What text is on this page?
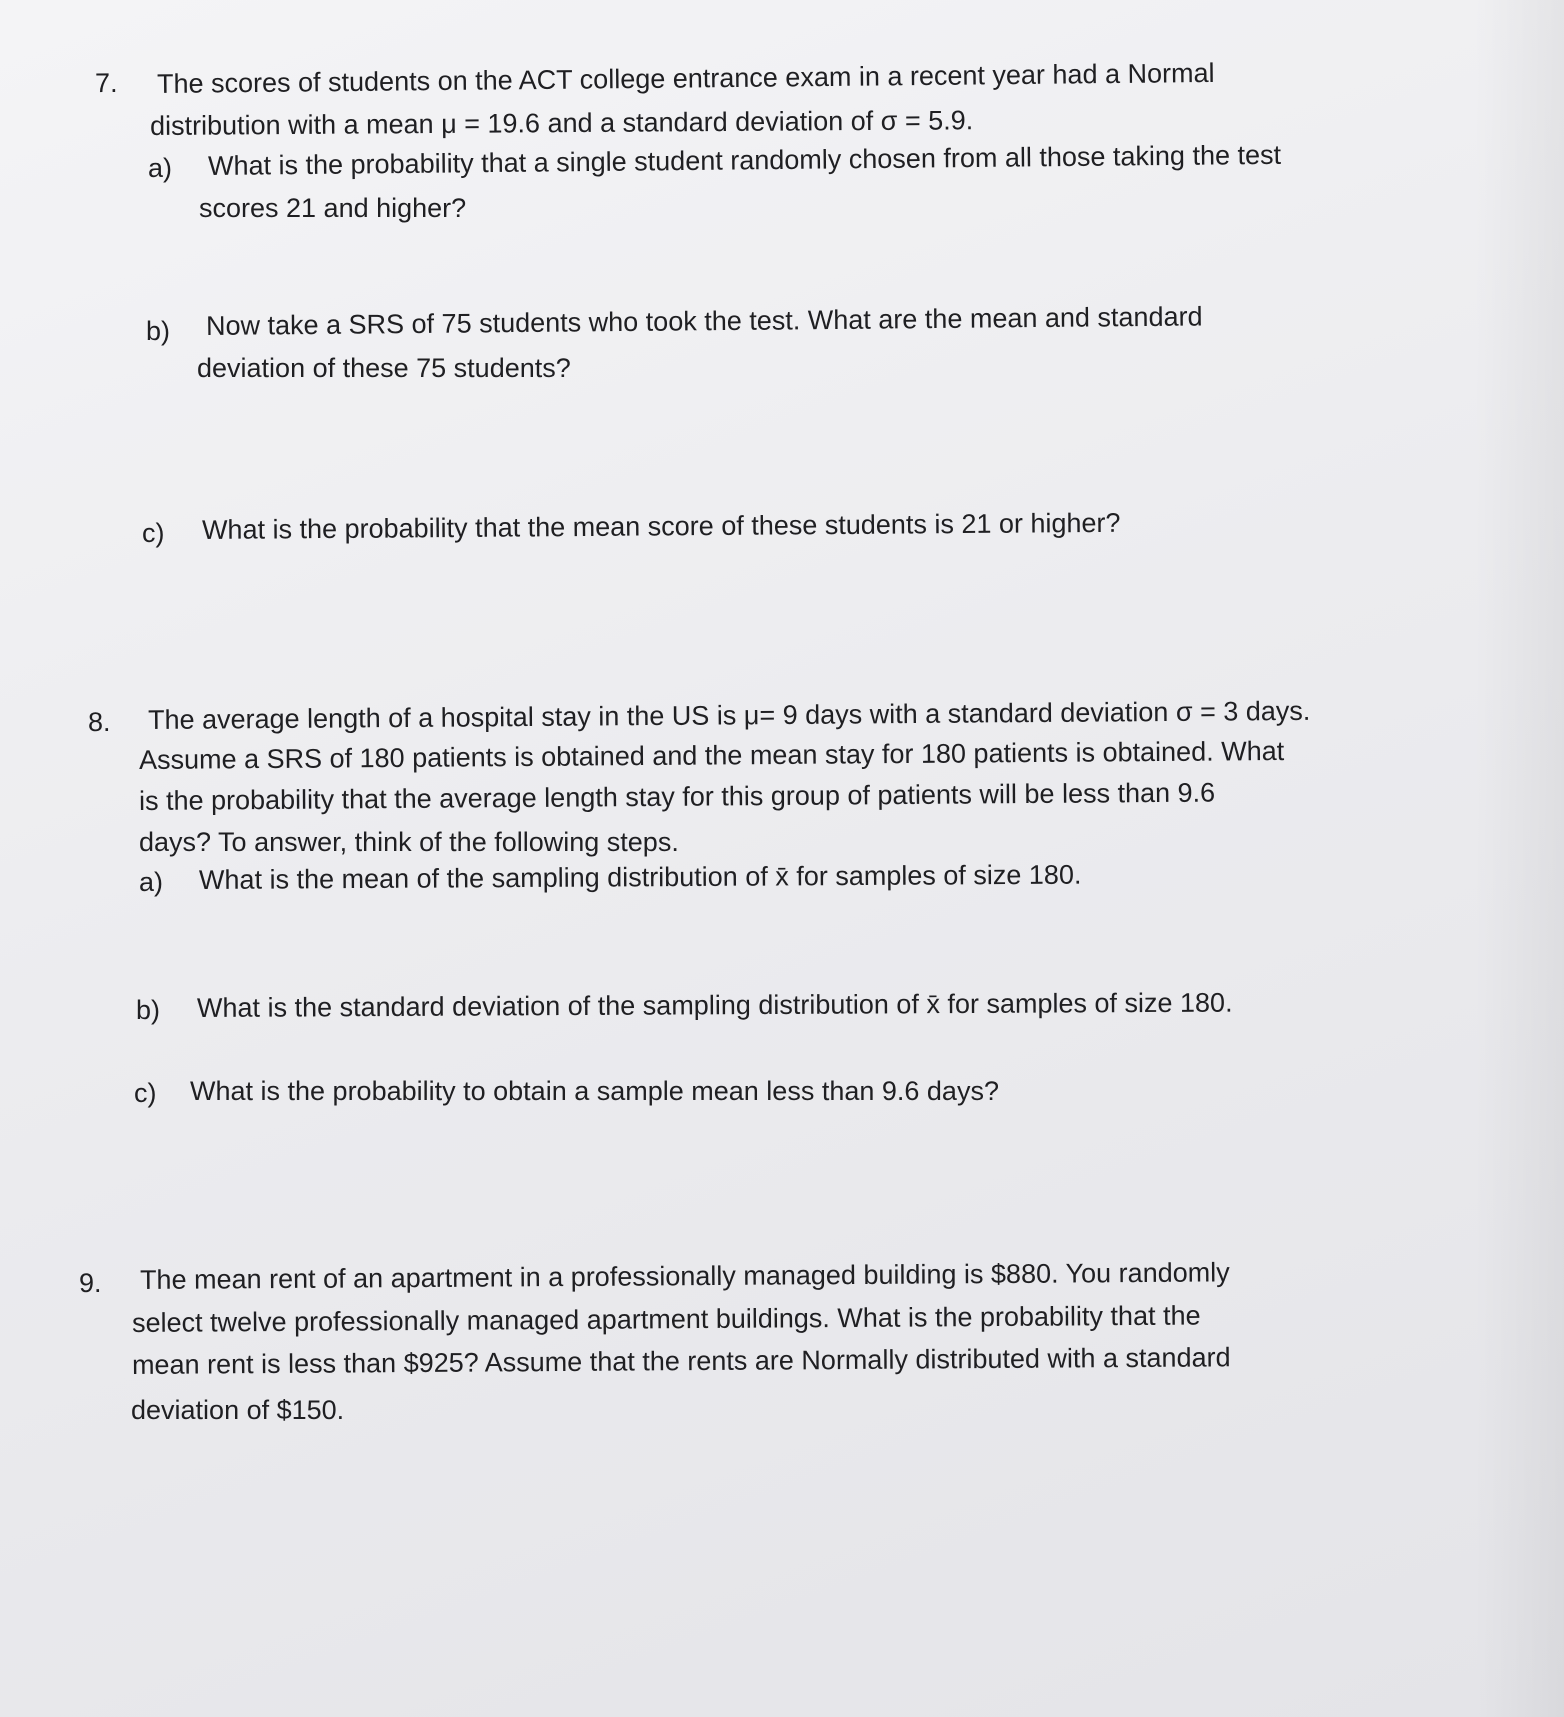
7. The scores of students on the ACT college entrance exam in a recent year had a Normal
distribution with a mean μ = 19.6 and a standard deviation of σ = 5.9.
a) What is the probability that a single student randomly chosen from all those taking the test
scores 21 and higher?
b) Now take a SRS of 75 students who took the test. What are the mean and standard
deviation of these 75 students?
c) What is the probability that the mean score of these students is 21 or higher?
8. The average length of a hospital stay in the US is μ= 9 days with a standard deviation σ = 3 days.
Assume a SRS of 180 patients is obtained and the mean stay for 180 patients is obtained. What
is the probability that the average length stay for this group of patients will be less than 9.6
days? To answer, think of the following steps.
a) What is the mean of the sampling distribution of x̄ for samples of size 180.
b) What is the standard deviation of the sampling distribution of x̄ for samples of size 180.
c) What is the probability to obtain a sample mean less than 9.6 days?
9. The mean rent of an apartment in a professionally managed building is $880. You randomly
select twelve professionally managed apartment buildings. What is the probability that the
mean rent is less than $925? Assume that the rents are Normally distributed with a standard
deviation of $150.
